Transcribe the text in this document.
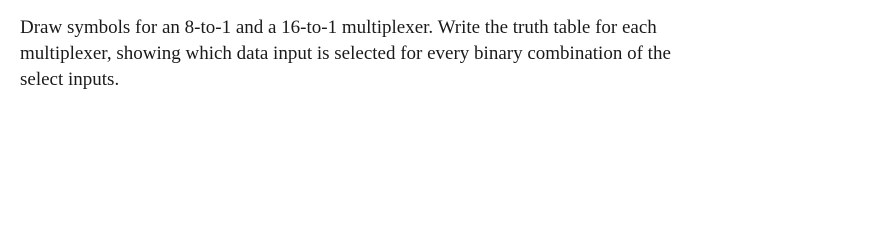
Draw symbols for an 8-to-1 and a 16-to-1 multiplexer. Write the truth table for each
multiplexer, showing which data input is selected for every binary combination of the
select inputs.
